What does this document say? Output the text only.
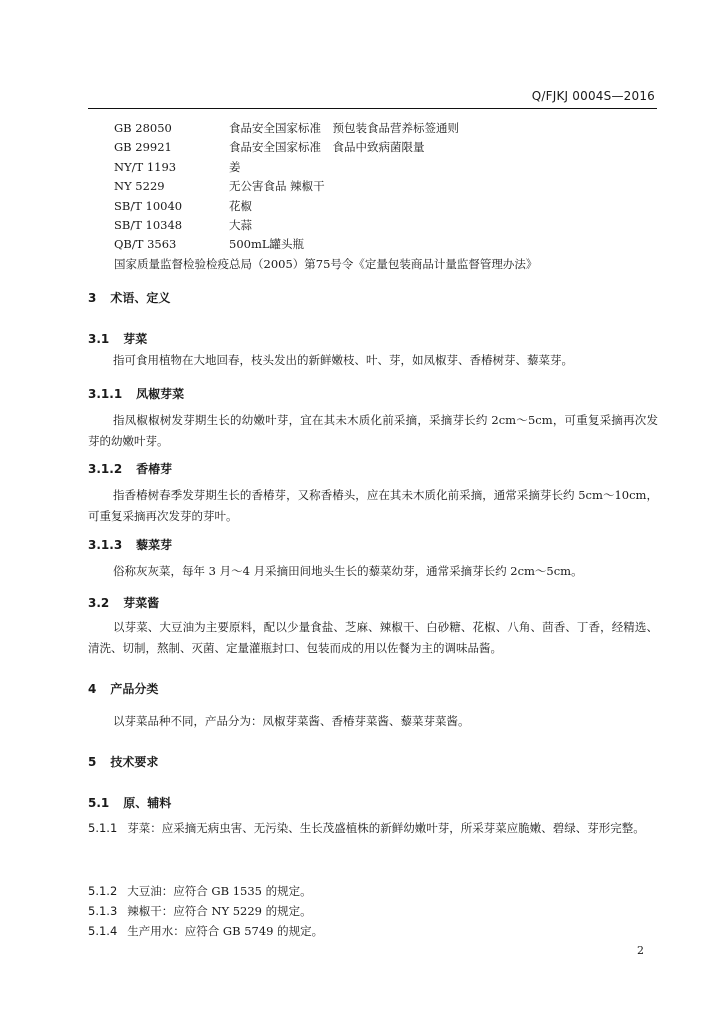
Q/FJKJ 0004S—2016
GB 28050	食品安全国家标准　预包装食品营养标签通则
GB 29921	食品安全国家标准　食品中致病菌限量
NY/T 1193	姜
NY 5229	无公害食品 辣椒干
SB/T 10040	花椒
SB/T 10348	大蒜
QB/T 3563	500mL罐头瓶
国家质量监督检验检疫总局（2005）第75号令《定量包装商品计量监督管理办法》
3 术语、定义
3.1 芽菜
指可食用植物在大地回春，枝头发出的新鲜嫩枝、叶、芽，如凤椒芽、香椿树芽、藜菜芽。
3.1.1 凤椒芽菜
指凤椒椒树发芽期生长的幼嫩叶芽，宜在其未木质化前采摘，采摘芽长约 2cm～5cm，可重复采摘再次发芽的幼嫩叶芽。
3.1.2 香椿芽
指香椿树春季发芽期生长的香椿芽，又称香椿头，应在其未木质化前采摘，通常采摘芽长约 5cm～10cm，可重复采摘再次发芽的芽叶。
3.1.3 藜菜芽
俗称灰灰菜，每年 3 月～4 月采摘田间地头生长的藜菜幼芽，通常采摘芽长约 2cm～5cm。
3.2 芽菜酱
以芽菜、大豆油为主要原料，配以少量食盐、芝麻、辣椒干、白砂糖、花椒、八角、茴香、丁香，经精选、清洗、切制，熬制、灭菌、定量灌瓶封口、包装而成的用以佐餐为主的调味品酱。
4 产品分类
以芽菜品种不同，产品分为：凤椒芽菜酱、香椿芽菜酱、藜菜芽菜酱。
5 技术要求
5.1 原、辅料
5.1.1 芽菜：应采摘无病虫害、无污染、生长茂盛植株的新鲜幼嫩叶芽，所采芽菜应脆嫩、碧绿、芽形完整。
5.1.2 大豆油：应符合 GB 1535 的规定。
5.1.3 辣椒干：应符合 NY 5229 的规定。
5.1.4 生产用水：应符合 GB 5749 的规定。
2
